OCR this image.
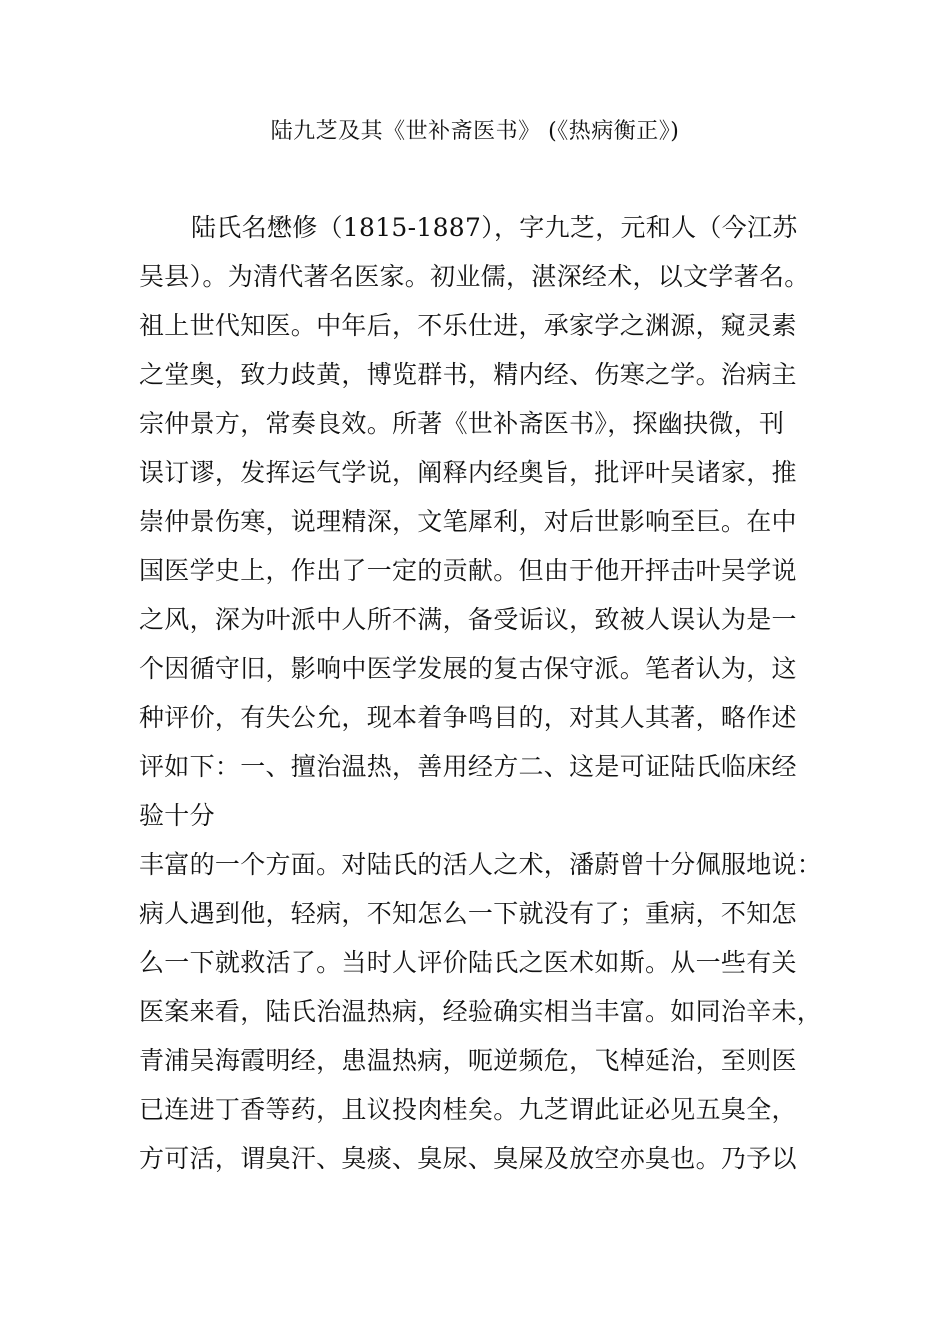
陆九芝及其《世补斋医书》 (《热病衡正》)
陆氏名懋修（1815-1887），字九芝，元和人（今江苏
吴县）。为清代著名医家。初业儒，湛深经术，以文学著名。
祖上世代知医。中年后，不乐仕进，承家学之渊源，窥灵素
之堂奥，致力歧黄，博览群书，精内经、伤寒之学。治病主
宗仲景方，常奏良效。所著《世补斋医书》，探幽抉微，刊
误订谬，发挥运气学说，阐释内经奥旨，批评叶吴诸家，推
崇仲景伤寒，说理精深，文笔犀利，对后世影响至巨。在中
国医学史上，作出了一定的贡献。但由于他开抨击叶吴学说
之风，深为叶派中人所不满，备受诟议，致被人误认为是一
个因循守旧，影响中医学发展的复古保守派。笔者认为，这
种评价，有失公允，现本着争鸣目的，对其人其著，略作述
评如下：一、擅治温热，善用经方二、这是可证陆氏临床经
验十分
丰富的一个方面。对陆氏的活人之术，潘蔚曾十分佩服地说：
病人遇到他，轻病，不知怎么一下就没有了；重病，不知怎
么一下就救活了。当时人评价陆氏之医术如斯。从一些有关
医案来看，陆氏治温热病，经验确实相当丰富。如同治辛未，
青浦吴海霞明经，患温热病，呃逆频危，飞棹延治，至则医
已连进丁香等药，且议投肉桂矣。九芝谓此证必见五臭全，
方可活，谓臭汗、臭痰、臭尿、臭屎及放空亦臭也。乃予以
